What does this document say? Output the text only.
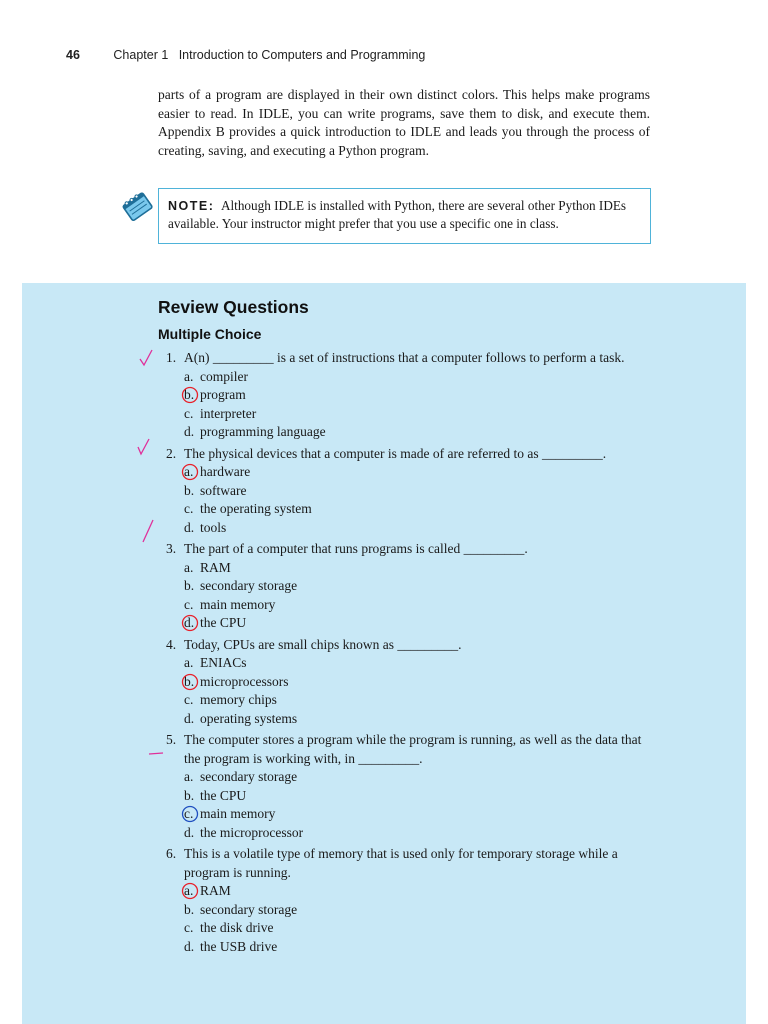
46	Chapter 1   Introduction to Computers and Programming

parts of a program are displayed in their own distinct colors. This helps make programs easier to read. In IDLE, you can write programs, save them to disk, and execute them. Appendix B provides a quick introduction to IDLE and leads you through the process of creating, saving, and executing a Python program.

NOTE: Although IDLE is installed with Python, there are several other Python IDEs available. Your instructor might prefer that you use a specific one in class.
Review Questions
Multiple Choice
1. A(n) _________ is a set of instructions that a computer follows to perform a task.
a. compiler
b. program
c. interpreter
d. programming language
2. The physical devices that a computer is made of are referred to as _________.
a. hardware
b. software
c. the operating system
d. tools
3. The part of a computer that runs programs is called _________.
a. RAM
b. secondary storage
c. main memory
d. the CPU
4. Today, CPUs are small chips known as _________.
a. ENIACs
b. microprocessors
c. memory chips
d. operating systems
5. The computer stores a program while the program is running, as well as the data that the program is working with, in _________.
a. secondary storage
b. the CPU
c. main memory
d. the microprocessor
6. This is a volatile type of memory that is used only for temporary storage while a program is running.
a. RAM
b. secondary storage
c. the disk drive
d. the USB drive
